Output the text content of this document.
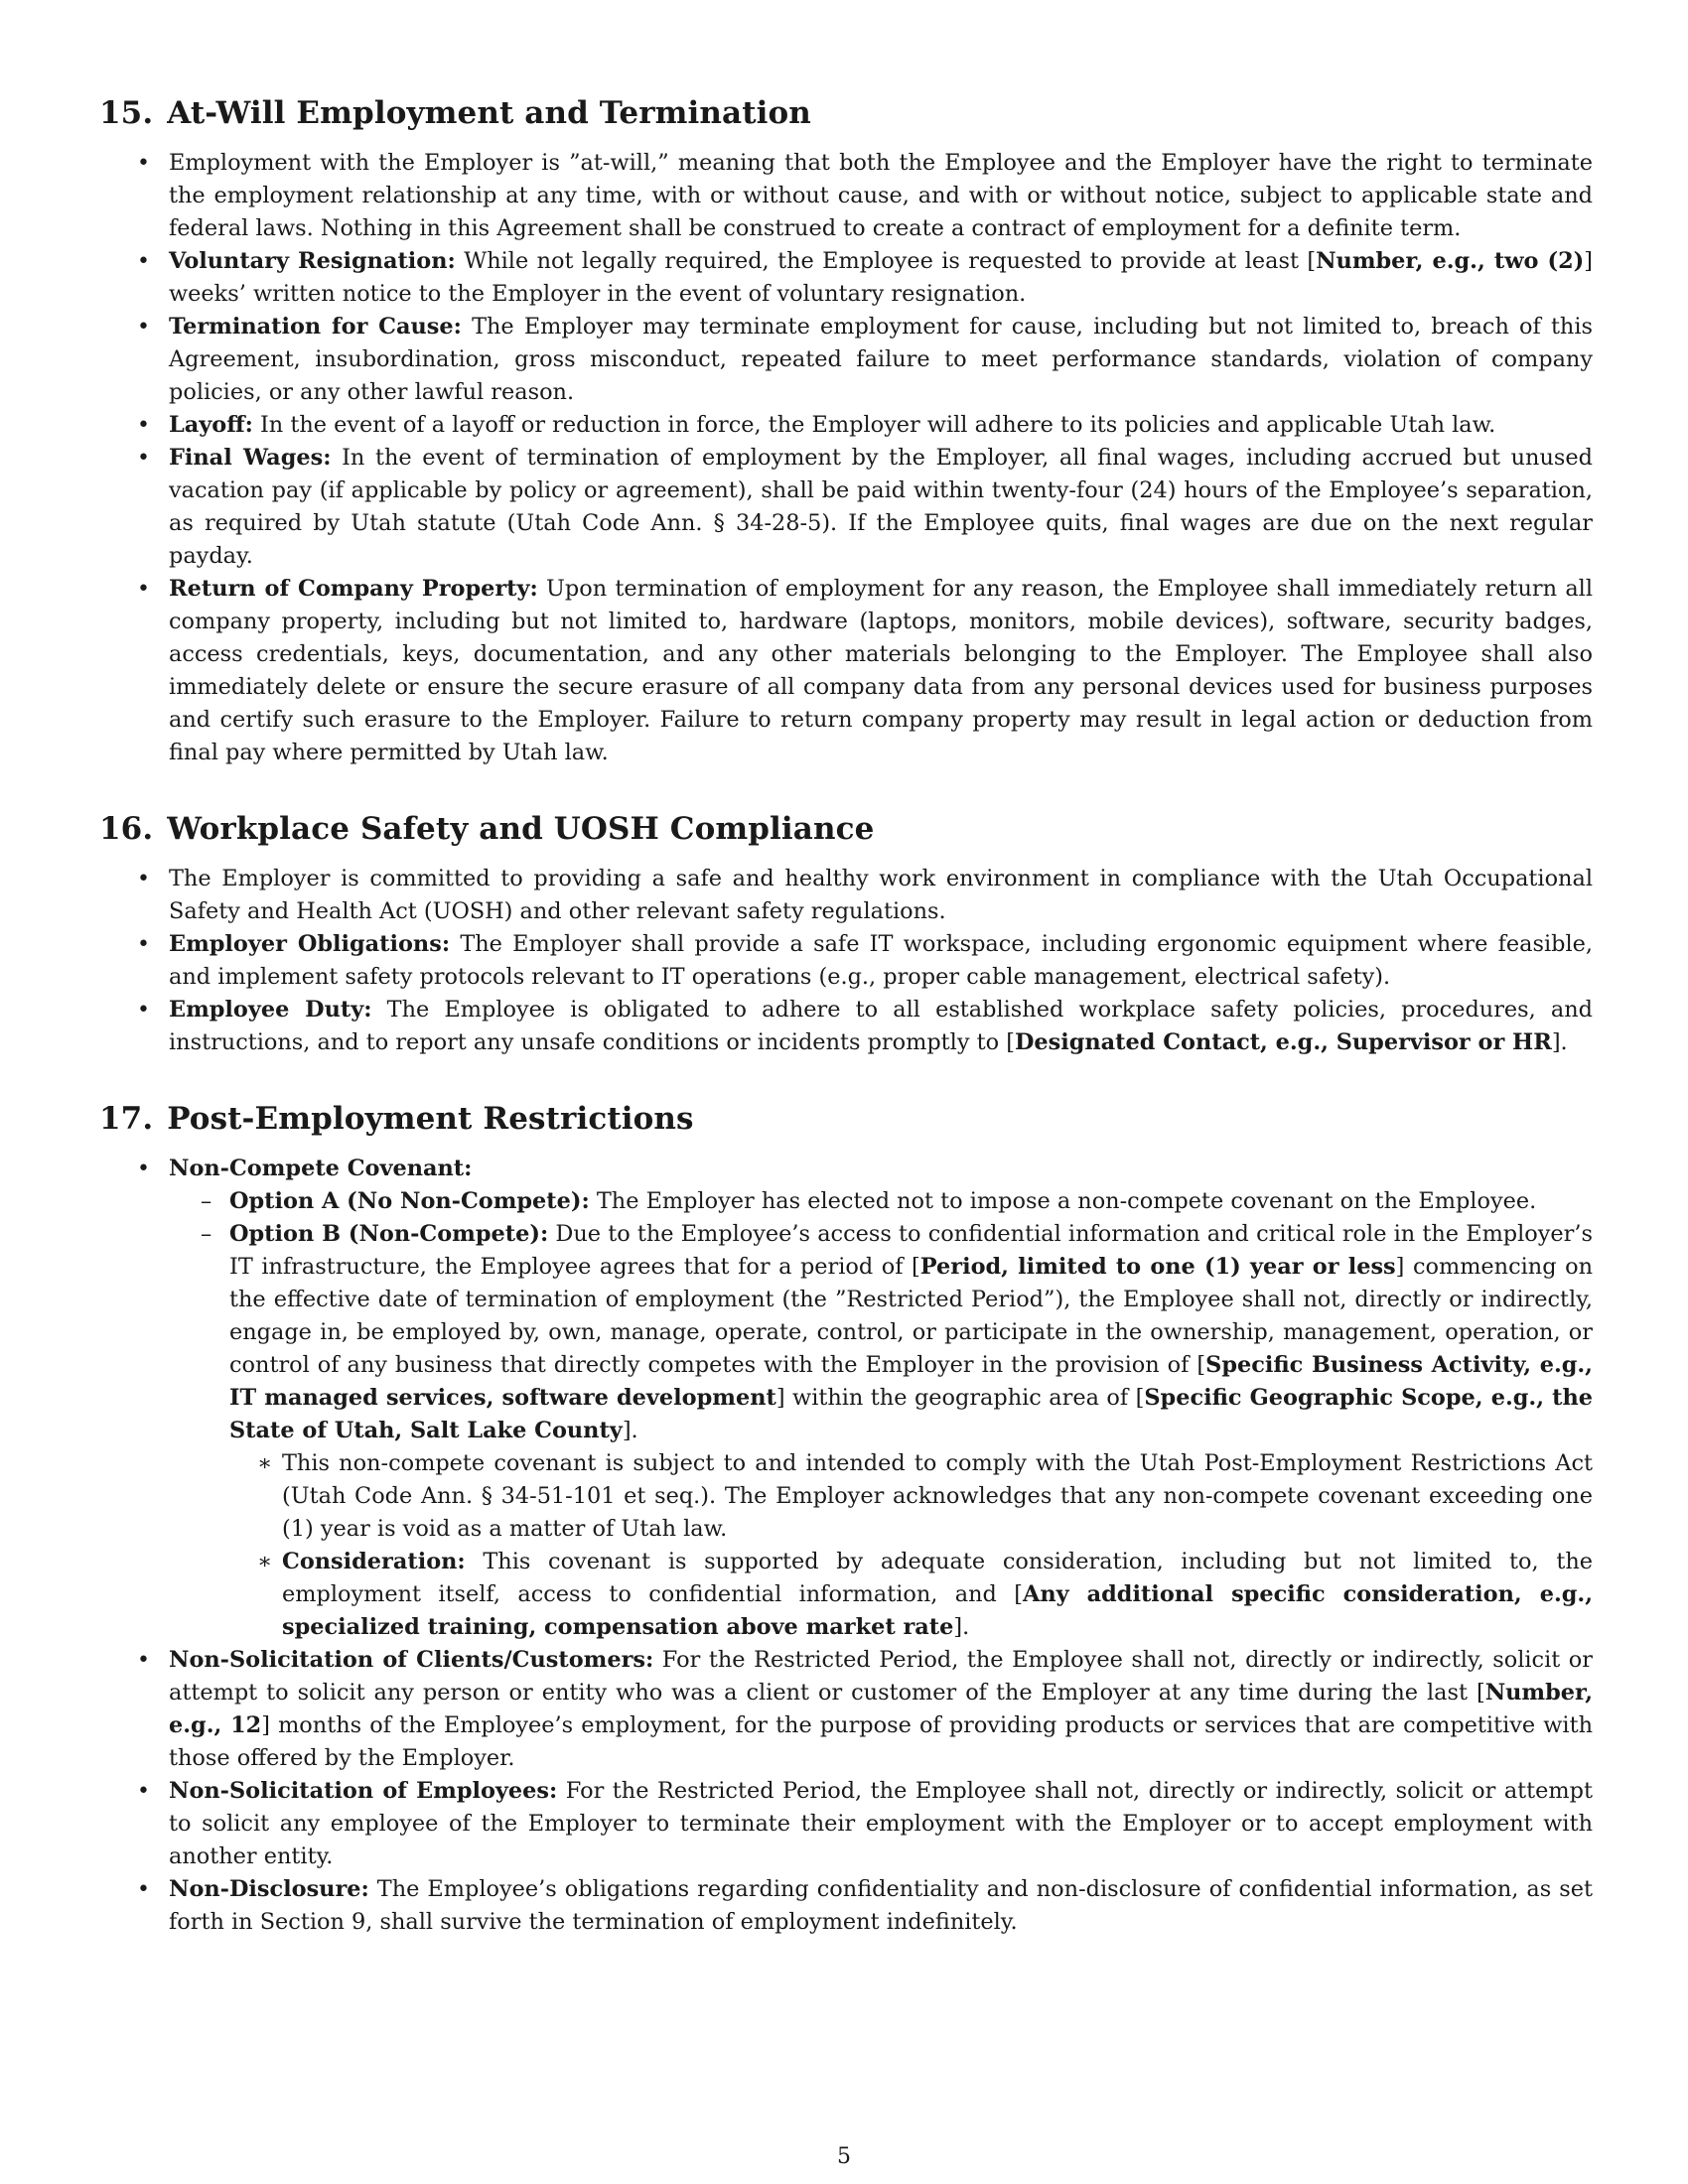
15. At-Will Employment and Termination
• Employment with the Employer is ”at-will,” meaning that both the Employee and the Employer have the right to terminate the employment relationship at any time, with or without cause, and with or without notice, subject to applicable state and federal laws. Nothing in this Agreement shall be construed to create a contract of employment for a definite term.
• Voluntary Resignation: While not legally required, the Employee is requested to provide at least [Number, e.g., two (2)] weeks’ written notice to the Employer in the event of voluntary resignation.
• Termination for Cause: The Employer may terminate employment for cause, including but not limited to, breach of this Agreement, insubordination, gross misconduct, repeated failure to meet performance standards, violation of company policies, or any other lawful reason.
• Layoff: In the event of a layoff or reduction in force, the Employer will adhere to its policies and applicable Utah law.
• Final Wages: In the event of termination of employment by the Employer, all final wages, including accrued but unused vacation pay (if applicable by policy or agreement), shall be paid within twenty-four (24) hours of the Employee’s separation, as required by Utah statute (Utah Code Ann. § 34-28-5). If the Employee quits, final wages are due on the next regular payday.
• Return of Company Property: Upon termination of employment for any reason, the Employee shall immediately return all company property, including but not limited to, hardware (laptops, monitors, mobile devices), software, security badges, access credentials, keys, documentation, and any other materials belonging to the Employer. The Employee shall also immediately delete or ensure the secure erasure of all company data from any personal devices used for business purposes and certify such erasure to the Employer. Failure to return company property may result in legal action or deduction from final pay where permitted by Utah law.
16. Workplace Safety and UOSH Compliance
• The Employer is committed to providing a safe and healthy work environment in compliance with the Utah Occupational Safety and Health Act (UOSH) and other relevant safety regulations.
• Employer Obligations: The Employer shall provide a safe IT workspace, including ergonomic equipment where feasible, and implement safety protocols relevant to IT operations (e.g., proper cable management, electrical safety).
• Employee Duty: The Employee is obligated to adhere to all established workplace safety policies, procedures, and instructions, and to report any unsafe conditions or incidents promptly to [Designated Contact, e.g., Supervisor or HR].
17. Post-Employment Restrictions
• Non-Compete Covenant:
– Option A (No Non-Compete): The Employer has elected not to impose a non-compete covenant on the Employee.
– Option B (Non-Compete): Due to the Employee’s access to confidential information and critical role in the Employer’s IT infrastructure, the Employee agrees that for a period of [Period, limited to one (1) year or less] commencing on the effective date of termination of employment (the ”Restricted Period”), the Employee shall not, directly or indirectly, engage in, be employed by, own, manage, operate, control, or participate in the ownership, management, operation, or control of any business that directly competes with the Employer in the provision of [Specific Business Activity, e.g., IT managed services, software development] within the geographic area of [Specific Geographic Scope, e.g., the State of Utah, Salt Lake County].
∗ This non-compete covenant is subject to and intended to comply with the Utah Post-Employment Restrictions Act (Utah Code Ann. § 34-51-101 et seq.). The Employer acknowledges that any non-compete covenant exceeding one (1) year is void as a matter of Utah law.
∗ Consideration: This covenant is supported by adequate consideration, including but not limited to, the employment itself, access to confidential information, and [Any additional specific consideration, e.g., specialized training, compensation above market rate].
• Non-Solicitation of Clients/Customers: For the Restricted Period, the Employee shall not, directly or indirectly, solicit or attempt to solicit any person or entity who was a client or customer of the Employer at any time during the last [Number, e.g., 12] months of the Employee’s employment, for the purpose of providing products or services that are competitive with those offered by the Employer.
• Non-Solicitation of Employees: For the Restricted Period, the Employee shall not, directly or indirectly, solicit or attempt to solicit any employee of the Employer to terminate their employment with the Employer or to accept employment with another entity.
• Non-Disclosure: The Employee’s obligations regarding confidentiality and non-disclosure of confidential information, as set forth in Section 9, shall survive the termination of employment indefinitely.
5
